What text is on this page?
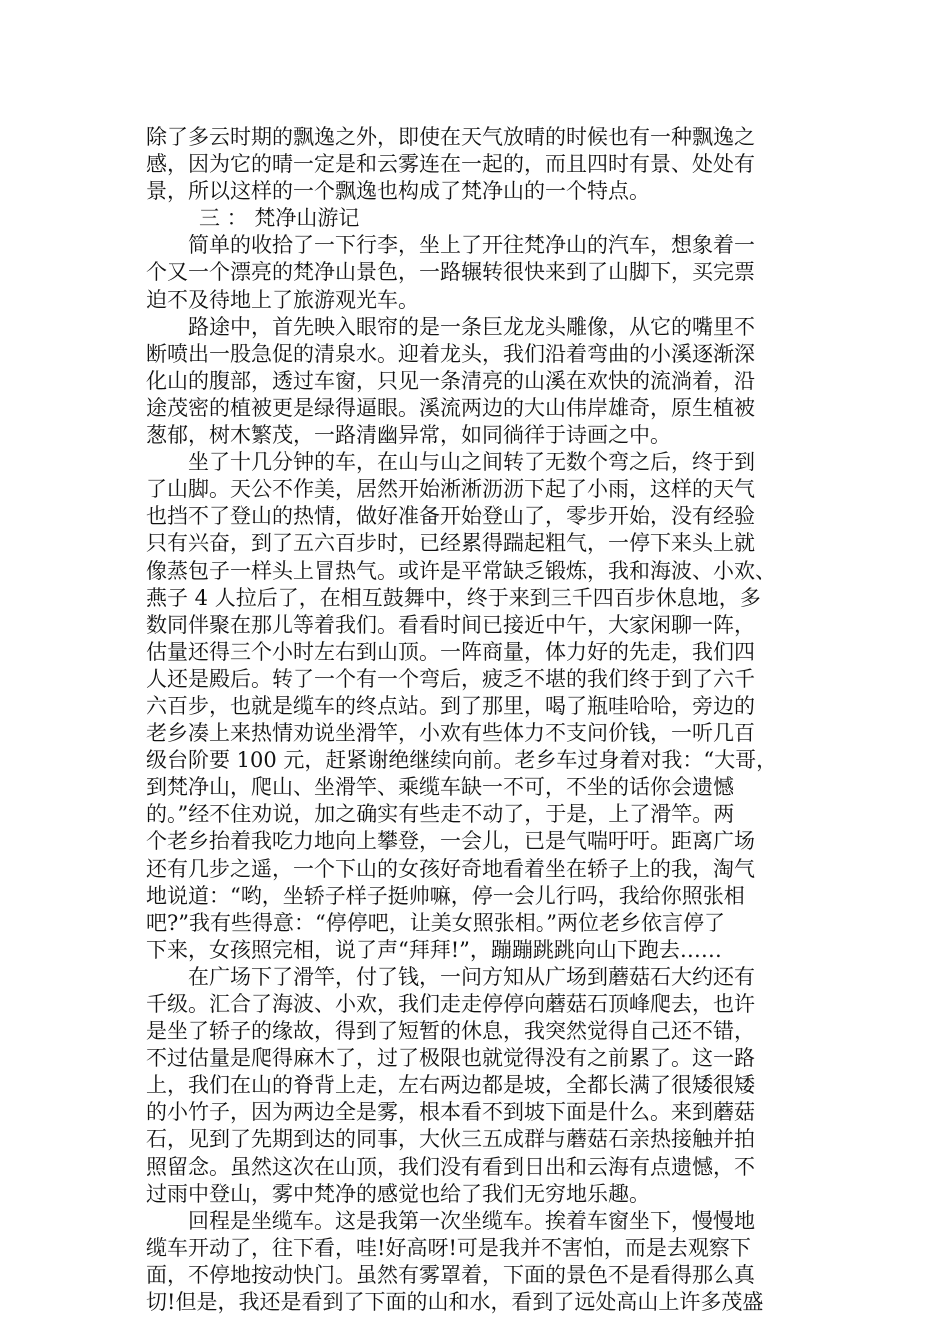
除了多云时期的飘逸之外，即使在天气放晴的时候也有一种飘逸之
感，因为它的晴一定是和云雾连在一起的，而且四时有景、处处有
景，所以这样的一个飘逸也构成了梵净山的一个特点。
三 ： 梵净山游记
简单的收拾了一下行李，坐上了开往梵净山的汽车，想象着一
个又一个漂亮的梵净山景色，一路辗转很快来到了山脚下，买完票
迫不及待地上了旅游观光车。
路途中，首先映入眼帘的是一条巨龙龙头雕像，从它的嘴里不
断喷出一股急促的清泉水。迎着龙头，我们沿着弯曲的小溪逐渐深
化山的腹部，透过车窗，只见一条清亮的山溪在欢快的流淌着，沿
途茂密的植被更是绿得逼眼。溪流两边的大山伟岸雄奇，原生植被
葱郁，树木繁茂，一路清幽异常，如同徜徉于诗画之中。
坐了十几分钟的车，在山与山之间转了无数个弯之后，终于到
了山脚。天公不作美，居然开始淅淅沥沥下起了小雨，这样的天气
也挡不了登山的热情，做好准备开始登山了，零步开始，没有经验
只有兴奋，到了五六百步时，已经累得踹起粗气，一停下来头上就
像蒸包子一样头上冒热气。或许是平常缺乏锻炼，我和海波、小欢、
燕子 4 人拉后了，在相互鼓舞中，终于来到三千四百步休息地，多
数同伴聚在那儿等着我们。看看时间已接近中午，大家闲聊一阵，
估量还得三个小时左右到山顶。一阵商量，体力好的先走，我们四
人还是殿后。转了一个有一个弯后，疲乏不堪的我们终于到了六千
六百步，也就是缆车的终点站。到了那里，喝了瓶哇哈哈，旁边的
老乡凑上来热情劝说坐滑竿，小欢有些体力不支问价钱，一听几百
级台阶要 100 元，赶紧谢绝继续向前。老乡车过身着对我：“大哥，
到梵净山，爬山、坐滑竿、乘缆车缺一不可，不坐的话你会遗憾
的。”经不住劝说，加之确实有些走不动了，于是，上了滑竿。两
个老乡抬着我吃力地向上攀登，一会儿，已是气喘吁吁。距离广场
还有几步之遥，一个下山的女孩好奇地看着坐在轿子上的我，淘气
地说道：“哟，坐轿子样子挺帅嘛，停一会儿行吗，我给你照张相
吧?”我有些得意：“停停吧，让美女照张相。”两位老乡依言停了
下来，女孩照完相，说了声“拜拜!”，蹦蹦跳跳向山下跑去……
在广场下了滑竿，付了钱，一问方知从广场到蘑菇石大约还有
千级。汇合了海波、小欢，我们走走停停向蘑菇石顶峰爬去，也许
是坐了轿子的缘故，得到了短暂的休息，我突然觉得自己还不错，
不过估量是爬得麻木了，过了极限也就觉得没有之前累了。这一路
上，我们在山的脊背上走，左右两边都是坡，全都长满了很矮很矮
的小竹子，因为两边全是雾，根本看不到坡下面是什么。来到蘑菇
石，见到了先期到达的同事，大伙三五成群与蘑菇石亲热接触并拍
照留念。虽然这次在山顶，我们没有看到日出和云海有点遗憾，不
过雨中登山，雾中梵净的感觉也给了我们无穷地乐趣。
回程是坐缆车。这是我第一次坐缆车。挨着车窗坐下，慢慢地
缆车开动了，往下看，哇!好高呀!可是我并不害怕，而是去观察下
面，不停地按动快门。虽然有雾罩着，下面的景色不是看得那么真
切!但是，我还是看到了下面的山和水，看到了远处高山上许多茂盛
